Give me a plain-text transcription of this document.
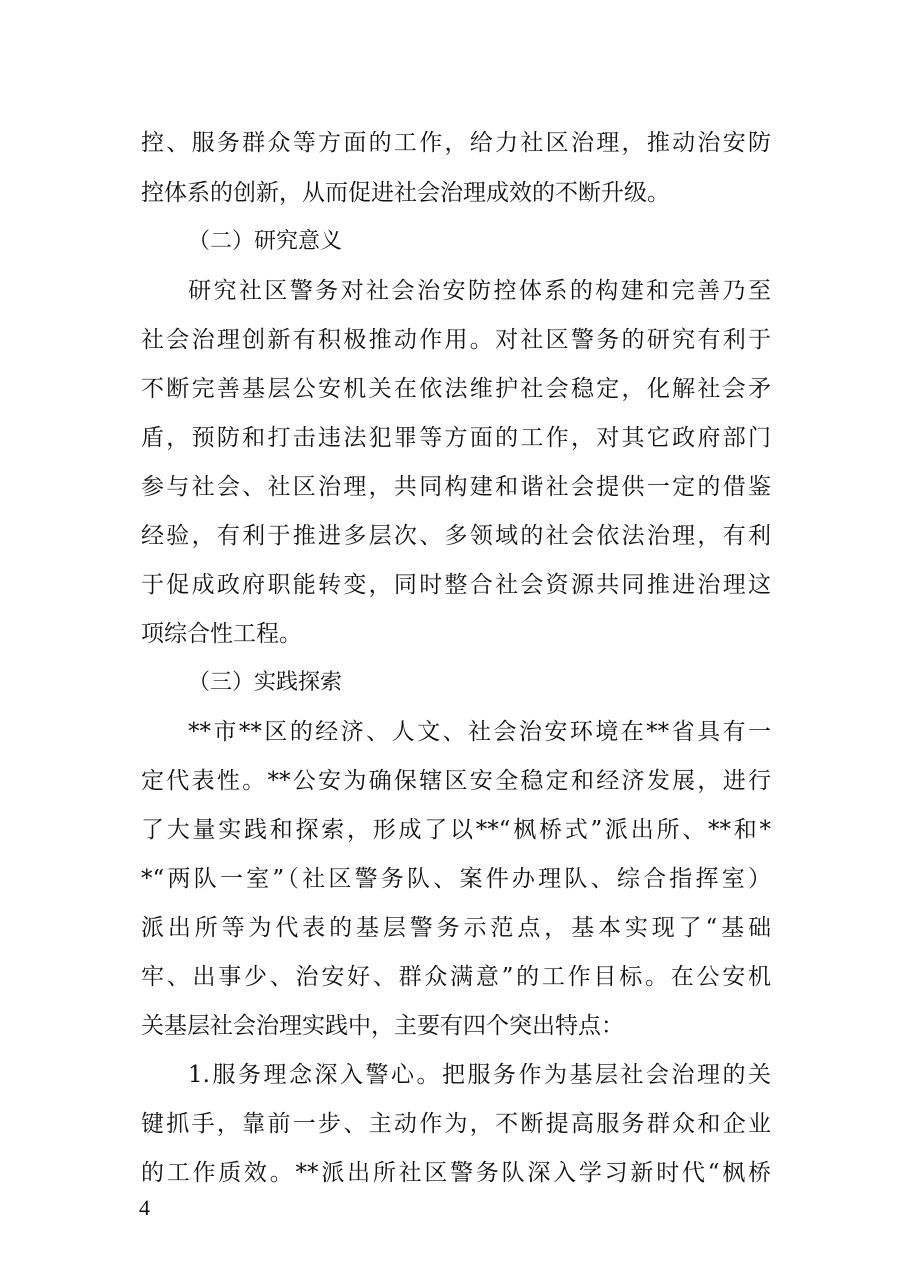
控、服务群众等方面的工作，给力社区治理，推动治安防
控体系的创新，从而促进社会治理成效的不断升级。
（二）研究意义
研究社区警务对社会治安防控体系的构建和完善乃至
社会治理创新有积极推动作用。对社区警务的研究有利于
不断完善基层公安机关在依法维护社会稳定，化解社会矛
盾，预防和打击违法犯罪等方面的工作，对其它政府部门
参与社会、社区治理，共同构建和谐社会提供一定的借鉴
经验，有利于推进多层次、多领域的社会依法治理，有利
于促成政府职能转变，同时整合社会资源共同推进治理这
项综合性工程。
（三）实践探索
**市**区的经济、人文、社会治安环境在**省具有一
定代表性。**公安为确保辖区安全稳定和经济发展，进行
了大量实践和探索，形成了以**“枫桥式”派出所、**和*
*“两队一室”（社区警务队、案件办理队、综合指挥室）
派出所等为代表的基层警务示范点，基本实现了“基础
牢、出事少、治安好、群众满意”的工作目标。在公安机
关基层社会治理实践中，主要有四个突出特点：
1.服务理念深入警心。把服务作为基层社会治理的关
键抓手，靠前一步、主动作为，不断提高服务群众和企业
的工作质效。**派出所社区警务队深入学习新时代“枫桥
4
